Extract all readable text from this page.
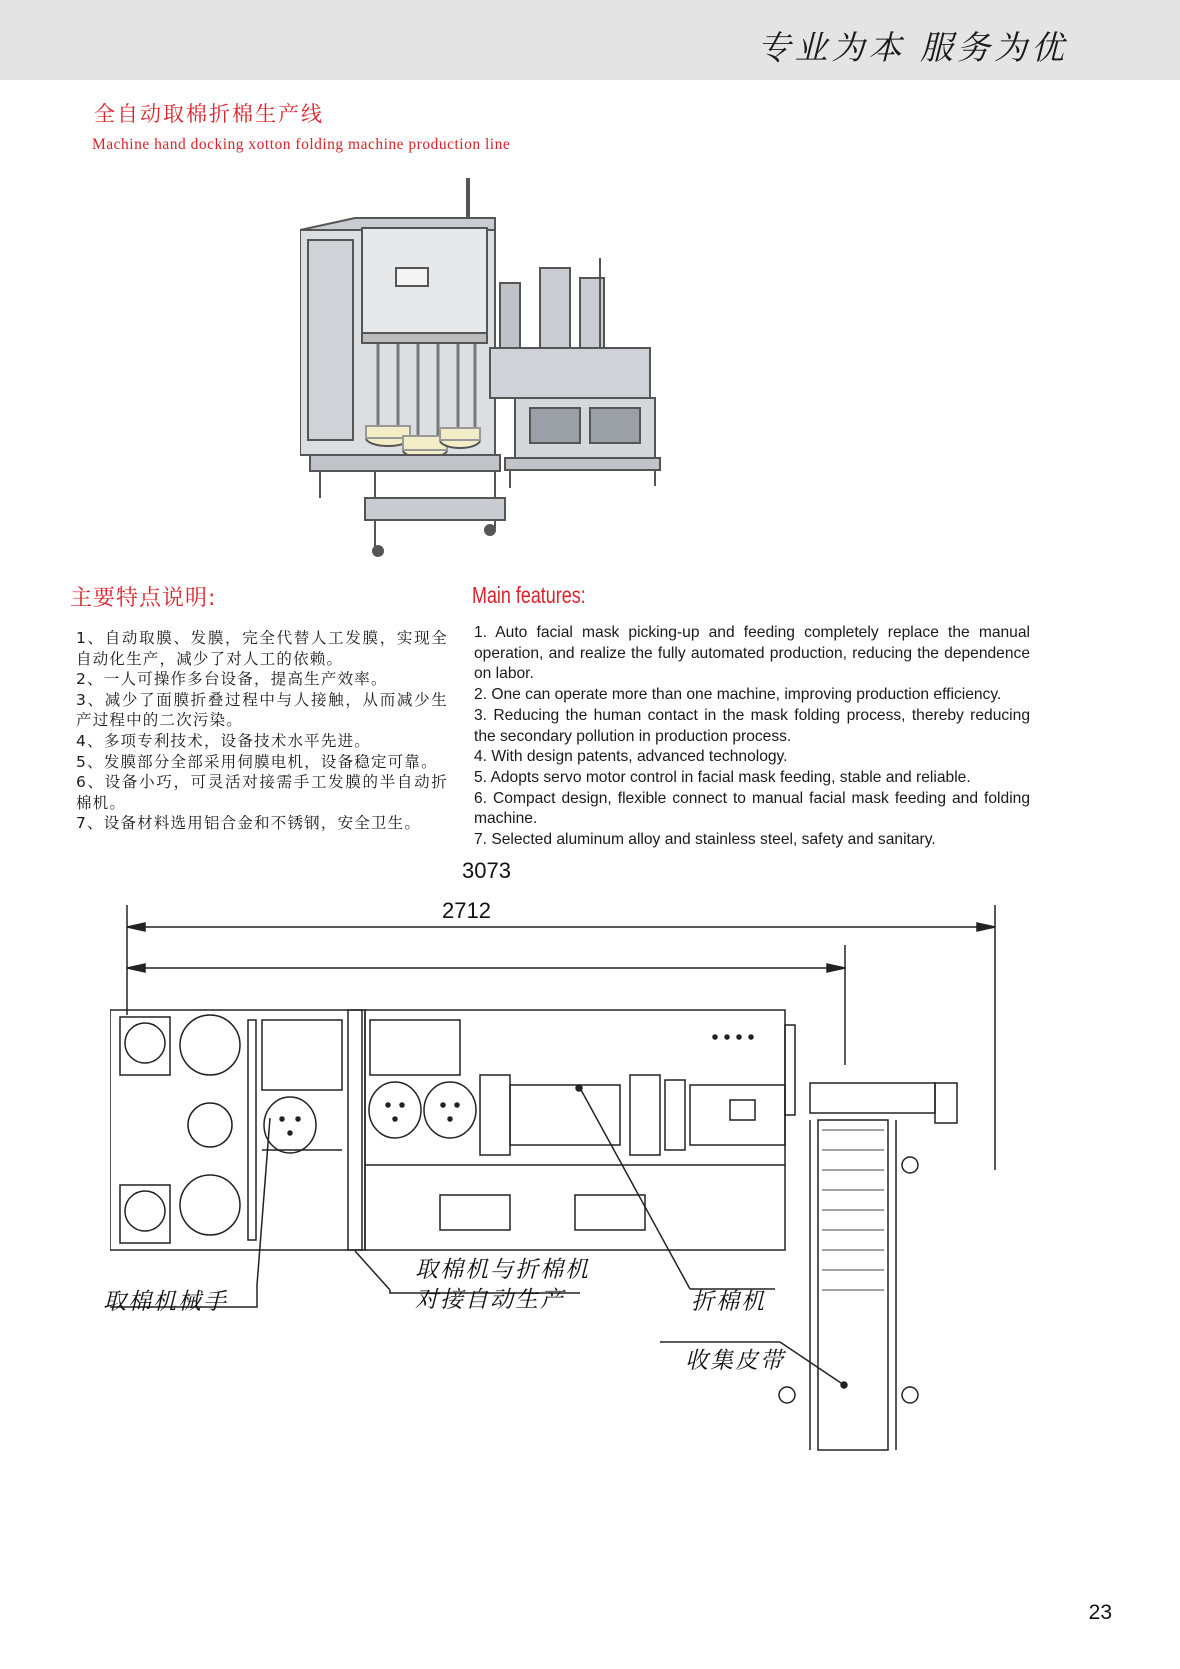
专业为本 服务为优
全自动取棉折棉生产线
Machine hand docking xotton folding machine production line
主要特点说明:	Main features:
1、自动取膜、发膜，完全代替人工发膜，实现全自动化生产，减少了对人工的依赖。
2、一人可操作多台设备，提高生产效率。
3、减少了面膜折叠过程中与人接触，从而减少生产过程中的二次污染。
4、多项专利技术，设备技术水平先进。
5、发膜部分全部采用伺膜电机，设备稳定可靠。
6、设备小巧，可灵活对接需手工发膜的半自动折棉机。
7、设备材料选用铝合金和不锈钢，安全卫生。
1. Auto facial mask picking-up and feeding completely replace the manual operation, and realize the fully automated production, reducing the dependence on labor.
2. One can operate more than one machine, improving production efficiency.
3. Reducing the human contact in the mask folding process, thereby reducing the secondary pollution in production process.
4. With design patents, advanced technology.
5. Adopts servo motor control in facial mask feeding, stable and reliable.
6. Compact design, flexible connect to manual facial mask feeding and folding machine.
7. Selected aluminum alloy and stainless steel, safety and sanitary.
3073
2712
取棉机械手
取棉机与折棉机
对接自动生产	折棉机
收集皮带
23
